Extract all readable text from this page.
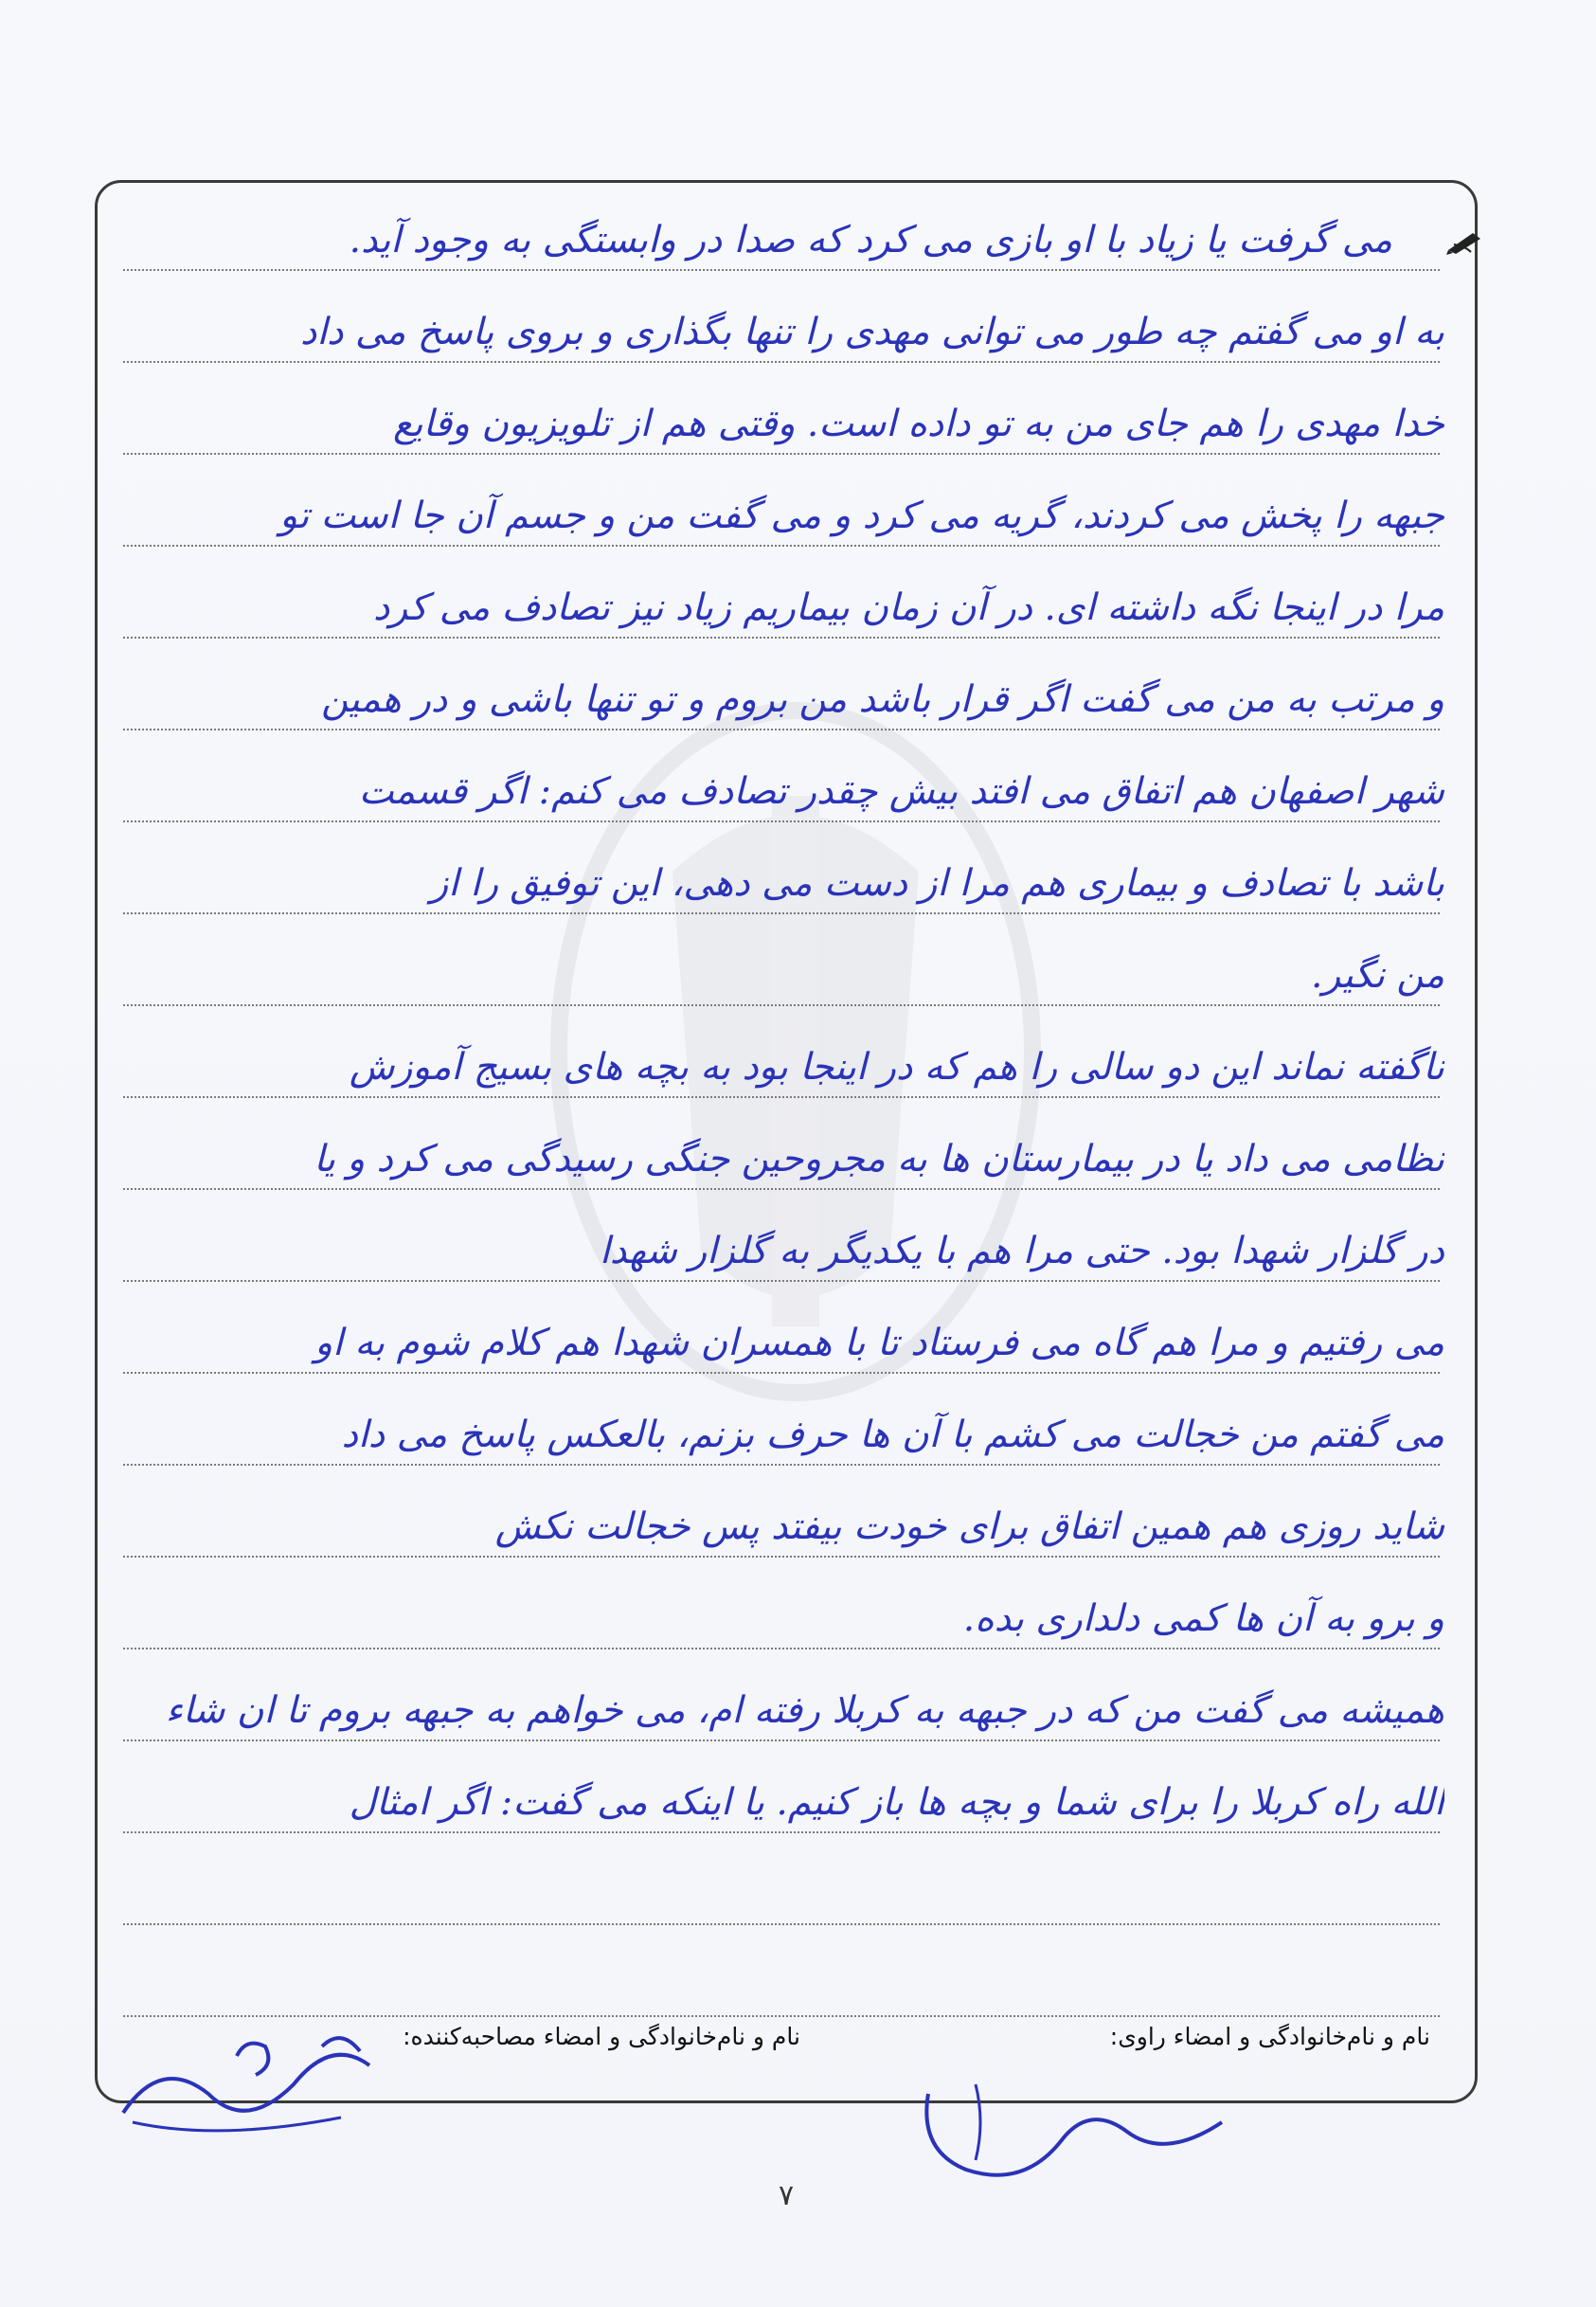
می گرفت یا زیاد با او بازی می کرد که صدا در وابستگی به وجود آید.
به او می گفتم چه طور می توانی مهدی را تنها بگذاری و بروی پاسخ می داد
خدا مهدی را هم جای من به تو داده است. وقتی هم از تلویزیون وقایع
جبهه را پخش می کردند، گریه می کرد و می گفت من و جسم آن جا است تو
مرا در اینجا نگه داشته ای. در آن زمان بیماریم زیاد نیز تصادف می کرد
و مرتب به من می گفت اگر قرار باشد من بروم و تو تنها باشی و در همین
شهر اصفهان هم اتفاق می افتد بیش چقدر تصادف می کنم: اگر قسمت
باشد با تصادف و بیماری هم مرا از دست می دهی، این توفیق را از
من نگیر.
ناگفته نماند این دو سالی را هم که در اینجا بود به بچه های بسیج آموزش
نظامی می داد یا در بیمارستان ها به مجروحین جنگی رسیدگی می کرد و یا
در گلزار شهدا بود. حتی مرا هم با یکدیگر به گلزار شهدا
می رفتیم و مرا هم گاه می فرستاد تا با همسران شهدا هم کلام شوم به او
می گفتم من خجالت می کشم با آن ها حرف بزنم، بالعکس پاسخ می داد
شاید روزی هم همین اتفاق برای خودت بیفتد پس خجالت نکش
و برو به آن ها کمی دلداری بده.
همیشه می گفت من که در جبهه به کربلا رفته ام، می خواهم به جبهه بروم تا ان شاء
الله راه کربلا را برای شما و بچه ها باز کنیم. یا اینکه می گفت: اگر امثال
نام و نام‌خانوادگی و امضاء راوی:
نام و نام‌خانوادگی و امضاء مصاحبه‌کننده:
۷
